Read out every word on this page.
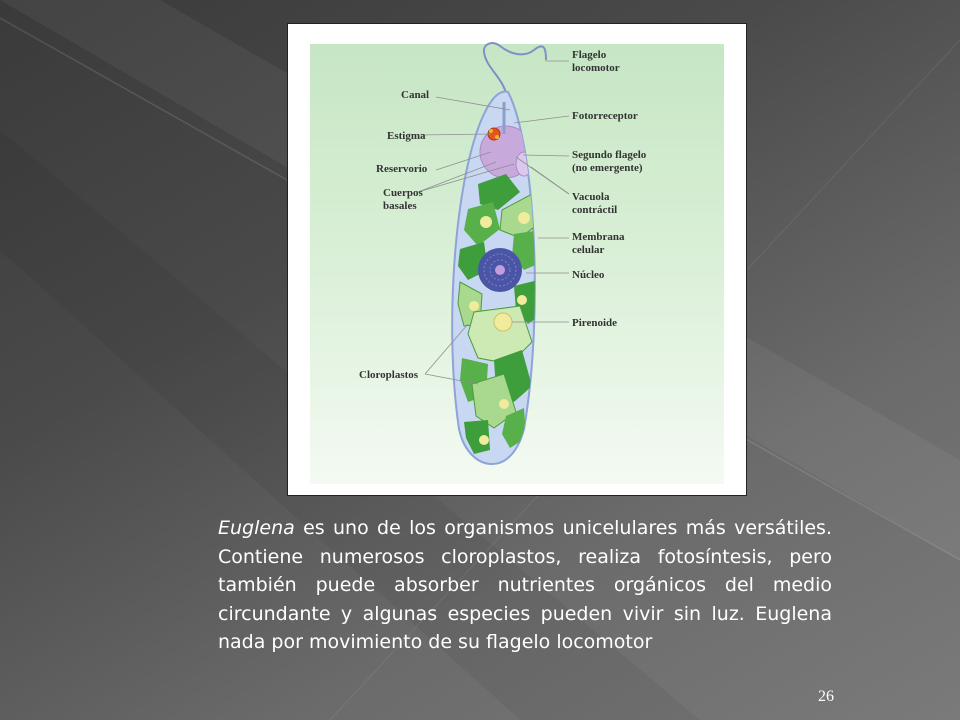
Flagelo locomotor
Canal
Fotorreceptor
Estigma
Segundo flagelo (no emergente)
Reservorio
Cuerpos basales
Vacuola contráctil
Membrana celular
Núcleo
Pirenoide
Cloroplastos
Euglena es uno de los organismos unicelulares más versátiles. Contiene numerosos cloroplastos, realiza fotosíntesis, pero también puede absorber nutrientes orgánicos del medio circundante y algunas especies pueden vivir sin luz. Euglena nada por movimiento de su flagelo locomotor
26
